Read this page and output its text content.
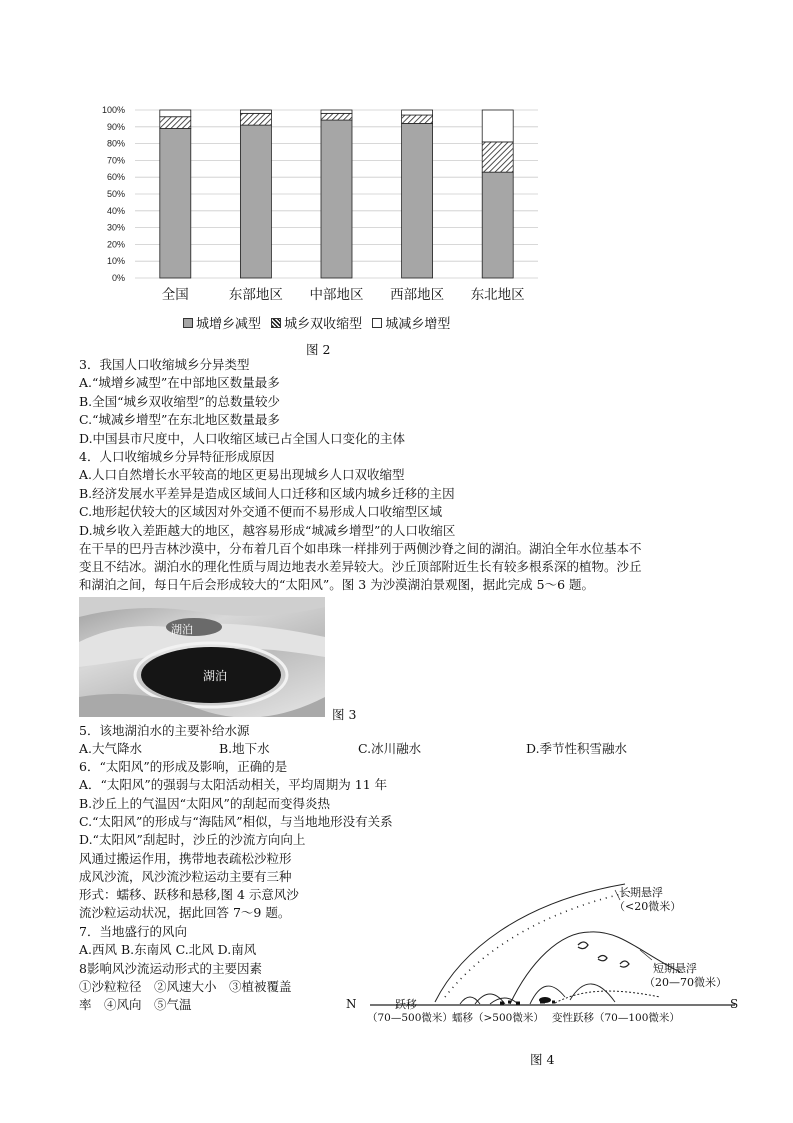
0%
10%
20%
30%
40%
50%
60%
70%
80%
90%
100%
全国	东部地区 中部地区 西部地区 东北地区
城增乡减型 城乡双收缩型 城减乡增型
图 2
3．我国人口收缩城乡分异类型
A.“城增乡减型”在中部地区数量最多
B.全国“城乡双收缩型”的总数量较少
C.“城减乡增型”在东北地区数量最多
D.中国县市尺度中，人口收缩区域已占全国人口变化的主体
4．人口收缩城乡分异特征形成原因
A.人口自然增长水平较高的地区更易出现城乡人口双收缩型
B.经济发展水平差异是造成区域间人口迁移和区域内城乡迁移的主因
C.地形起伏较大的区域因对外交通不便而不易形成人口收缩型区域
D.城乡收入差距越大的地区，越容易形成“城减乡增型”的人口收缩区
在干旱的巴丹吉林沙漠中，分布着几百个如串珠一样排列于两侧沙脊之间的湖泊。湖泊全年水位基本不
变且不结冰。湖泊水的理化性质与周边地表水差异较大。沙丘顶部附近生长有较多根系深的植物。沙丘
和湖泊之间，每日午后会形成较大的“太阳风”。图 3 为沙漠湖泊景观图，据此完成 5～6 题。
湖泊
湖泊
图 3
5．该地湖泊水的主要补给水源
A.大气降水	B.地下水	C.冰川融水	D.季节性积雪融水
6．“太阳风”的形成及影响，正确的是
A．“太阳风”的强弱与太阳活动相关，平均周期为 11 年
B.沙丘上的气温因“太阳风”的刮起而变得炎热
C.“太阳风”的形成与“海陆风”相似，与当地地形没有关系
D.“太阳风”刮起时，沙丘的沙流方向向上
风通过搬运作用，携带地表疏松沙粒形
成风沙流，风沙流沙粒运动主要有三种
形式：蠕移、跃移和悬移,图 4 示意风沙
流沙粒运动状况，据此回答 7～9 题。
7．当地盛行的风向
A.西风 B.东南风 C.北风 D.南风
8影响风沙流运动形式的主要因素
①沙粒粒径　②风速大小　③植被覆盖
率　④风向　⑤气温	N	S
长期悬浮
（<20微米）
短期悬浮
（20—70微米）
跃移
（70—500微米） 蠕移（>500微米） 变性跃移（70—100微米）
图 4
